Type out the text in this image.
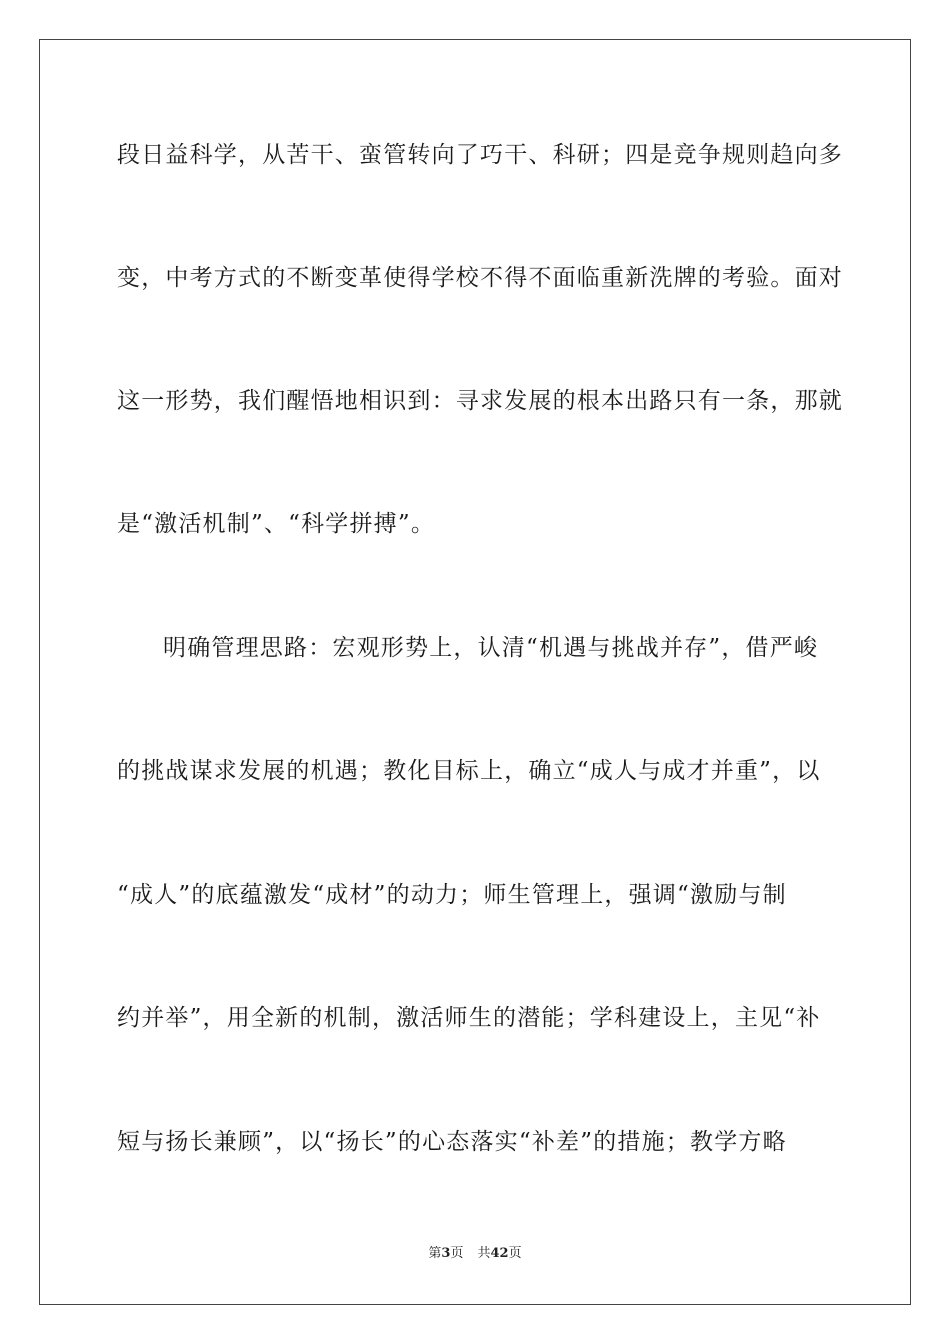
段日益科学，从苦干、蛮管转向了巧干、科研；四是竞争规则趋向多
变，中考方式的不断变革使得学校不得不面临重新洗牌的考验。面对
这一形势，我们醒悟地相识到：寻求发展的根本出路只有一条，那就
是“激活机制”、“科学拼搏”。
明确管理思路：宏观形势上，认清“机遇与挑战并存”，借严峻
的挑战谋求发展的机遇；教化目标上，确立“成人与成才并重”，以
“成人”的底蕴激发“成材”的动力；师生管理上，强调“激励与制
约并举”，用全新的机制，激活师生的潜能；学科建设上，主见“补
短与扬长兼顾”，以“扬长”的心态落实“补差”的措施；教学方略
第3页 共42页
